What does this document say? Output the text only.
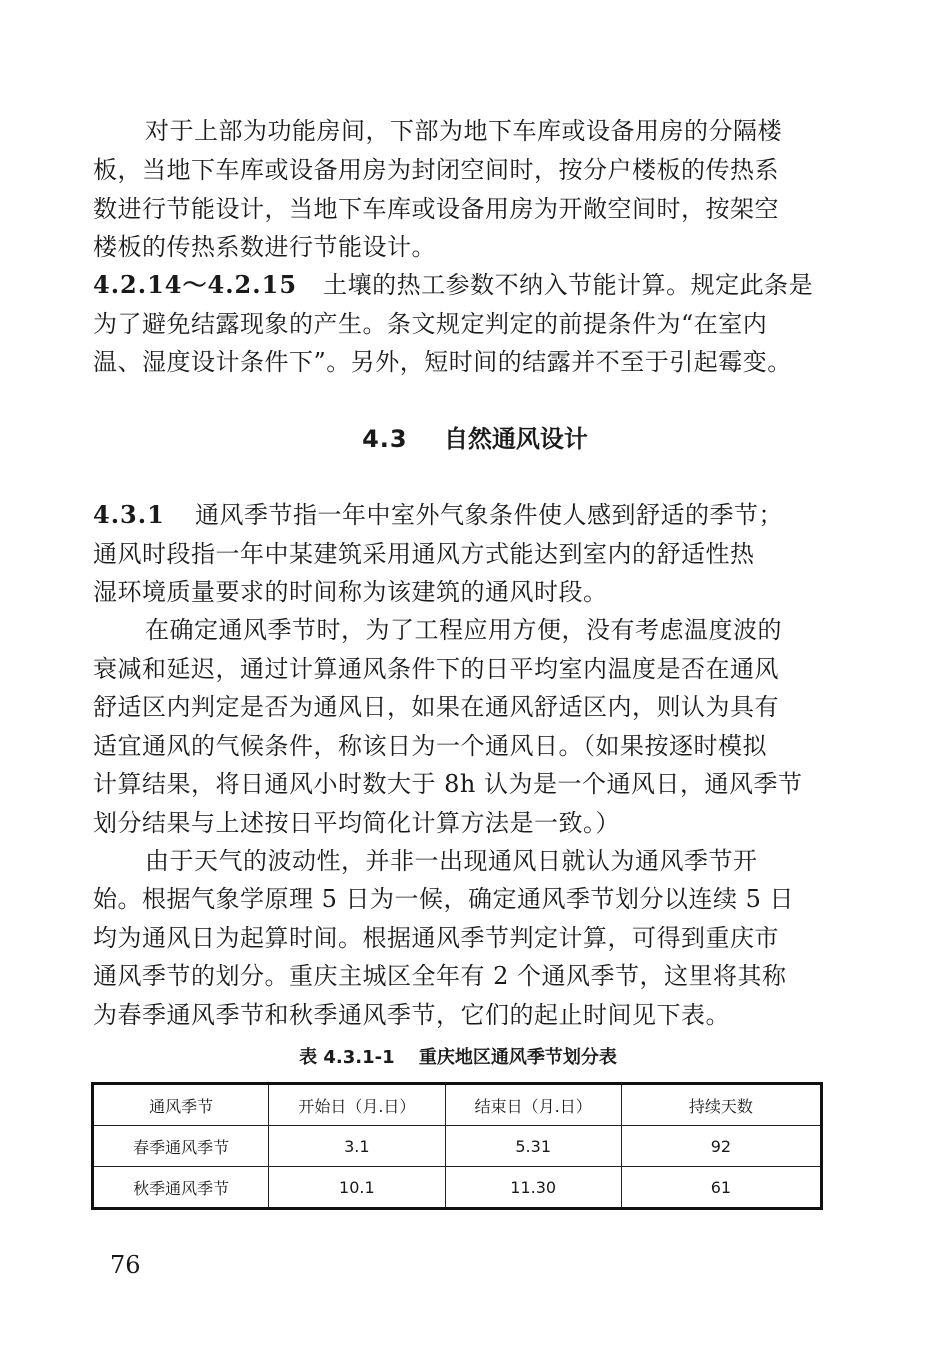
对于上部为功能房间，下部为地下车库或设备用房的分隔楼
板，当地下车库或设备用房为封闭空间时，按分户楼板的传热系
数进行节能设计，当地下车库或设备用房为开敞空间时，按架空
楼板的传热系数进行节能设计。
4.2.14～4.2.15 土壤的热工参数不纳入节能计算。规定此条是
为了避免结露现象的产生。条文规定判定的前提条件为“在室内
温、湿度设计条件下”。另外，短时间的结露并不至于引起霉变。
4.3 自然通风设计
4.3.1 通风季节指一年中室外气象条件使人感到舒适的季节；
通风时段指一年中某建筑采用通风方式能达到室内的舒适性热
湿环境质量要求的时间称为该建筑的通风时段。
在确定通风季节时，为了工程应用方便，没有考虑温度波的
衰减和延迟，通过计算通风条件下的日平均室内温度是否在通风
舒适区内判定是否为通风日，如果在通风舒适区内，则认为具有
适宜通风的气候条件，称该日为一个通风日。（如果按逐时模拟
计算结果，将日通风小时数大于 8h 认为是一个通风日，通风季节
划分结果与上述按日平均简化计算方法是一致。）
由于天气的波动性，并非一出现通风日就认为通风季节开
始。根据气象学原理 5 日为一候，确定通风季节划分以连续 5 日
均为通风日为起算时间。根据通风季节判定计算，可得到重庆市
通风季节的划分。重庆主城区全年有 2 个通风季节，这里将其称
为春季通风季节和秋季通风季节，它们的起止时间见下表。
表 4.3.1-1 重庆地区通风季节划分表
通风季节	开始日（月.日）	结束日（月.日）	持续天数
春季通风季节	3.1	5.31	92
秋季通风季节	10.1	11.30	61
76
